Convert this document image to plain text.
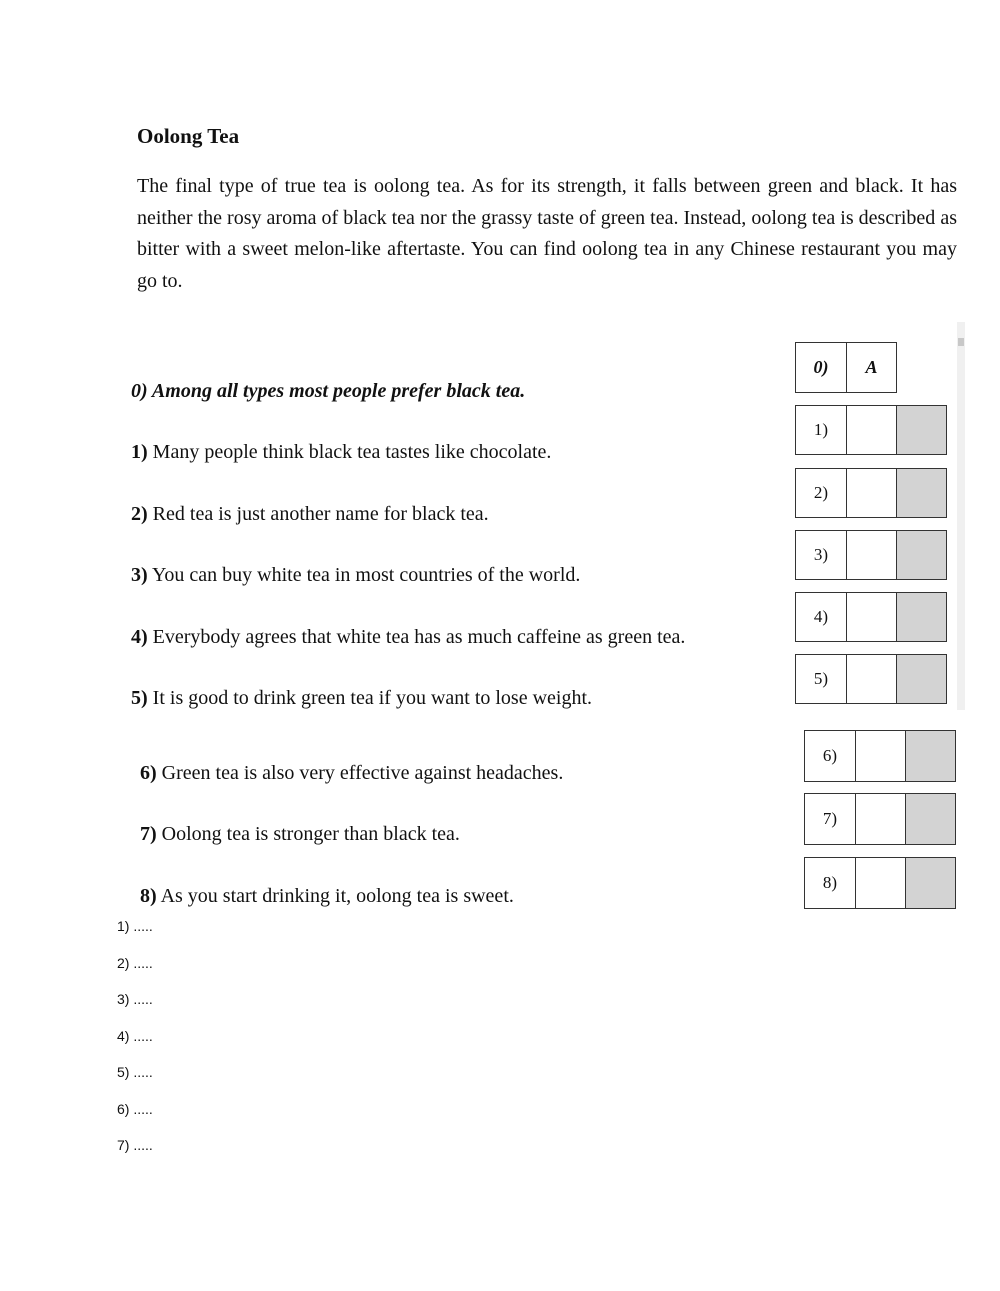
Oolong Tea

The final type of true tea is oolong tea. As for its strength, it falls between green and black. It has neither the rosy aroma of black tea nor the grassy taste of green tea. Instead, oolong tea is described as bitter with a sweet melon-like aftertaste. You can find oolong tea in any Chinese restaurant you may go to.

0) Among all types most people prefer black tea.
1) Many people think black tea tastes like chocolate.
2) Red tea is just another name for black tea.
3) You can buy white tea in most countries of the world.
4) Everybody agrees that white tea has as much caffeine as green tea.
5) It is good to drink green tea if you want to lose weight.
6) Green tea is also very effective against headaches.
7) Oolong tea is stronger than black tea.
8) As you start drinking it, oolong tea is sweet.
0)	A
1)
2)
3)
4)
5)
6)
7)
8)
1) .....
2) .....
3) .....
4) .....
5) .....
6) .....
7) .....
